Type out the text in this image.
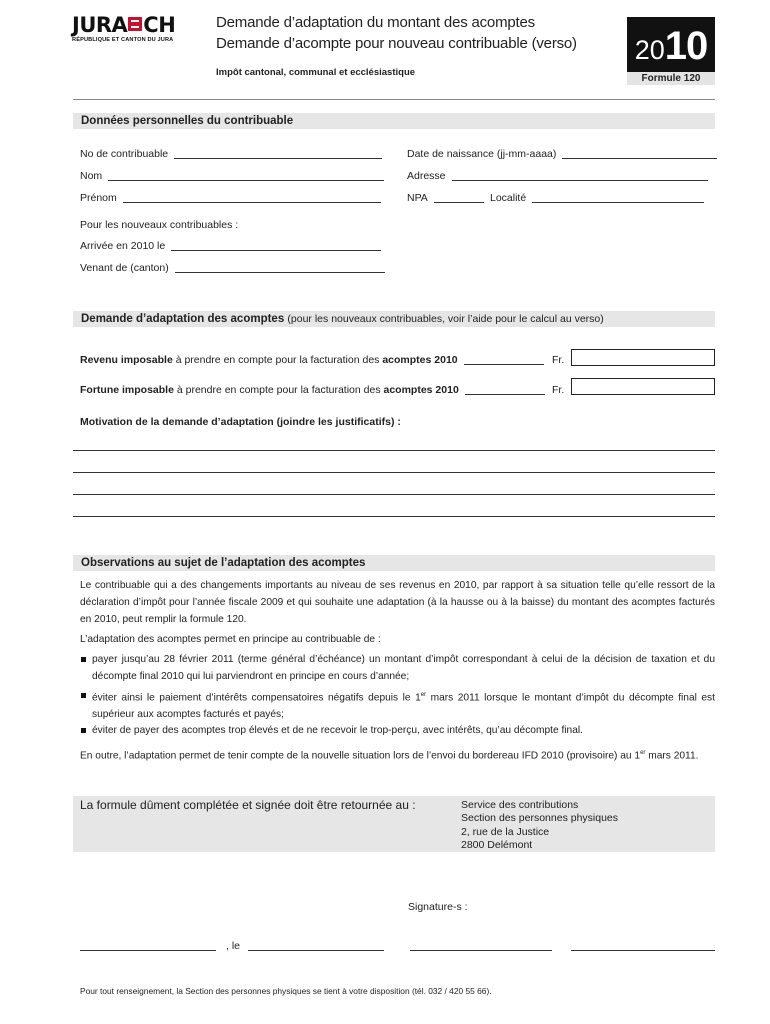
JURA CH
RÉPUBLIQUE ET CANTON DU JURA
Demande d’adaptation du montant des acomptes
Demande d’acompte pour nouveau contribuable (verso)
Impôt cantonal, communal et ecclésiastique
2010
Formule 120
Données personnelles du contribuable
No de contribuable	Date de naissance (jj-mm-aaaa)
Nom	Adresse
Prénom	NPA	Localité
Pour les nouveaux contribuables :
Arrivée en 2010 le
Venant de (canton)
Demande d’adaptation des acomptes (pour les nouveaux contribuables, voir l’aide pour le calcul au verso)
Revenu imposable à prendre en compte pour la facturation des acomptes 2010	Fr.
Fortune imposable à prendre en compte pour la facturation des acomptes 2010	Fr.
Motivation de la demande d’adaptation (joindre les justificatifs) :
Observations au sujet de l’adaptation des acomptes
Le contribuable qui a des changements importants au niveau de ses revenus en 2010, par rapport à sa situation telle qu’elle ressort de la déclaration d’impôt pour l’année fiscale 2009 et qui souhaite une adaptation (à la hausse ou à la baisse) du montant des acomptes facturés en 2010, peut remplir la formule 120.
L’adaptation des acomptes permet en principe au contribuable de :
payer jusqu’au 28 février 2011 (terme général d’échéance) un montant d’impôt correspondant à celui de la décision de taxation et du décompte final 2010 qui lui parviendront en principe en cours d’année;
éviter ainsi le paiement d’intérêts compensatoires négatifs depuis le 1er mars 2011 lorsque le montant d’impôt du décompte final est supérieur aux acomptes facturés et payés;
éviter de payer des acomptes trop élevés et de ne recevoir le trop-perçu, avec intérêts, qu’au décompte final.
En outre, l’adaptation permet de tenir compte de la nouvelle situation lors de l’envoi du bordereau IFD 2010 (provisoire) au 1er mars 2011.
La formule dûment complétée et signée doit être retournée au :	Service des contributions
Section des personnes physiques
2, rue de la Justice
2800 Delémont
Signature-s :
, le
Pour tout renseignement, la Section des personnes physiques se tient à votre disposition (tél. 032 / 420 55 66).
